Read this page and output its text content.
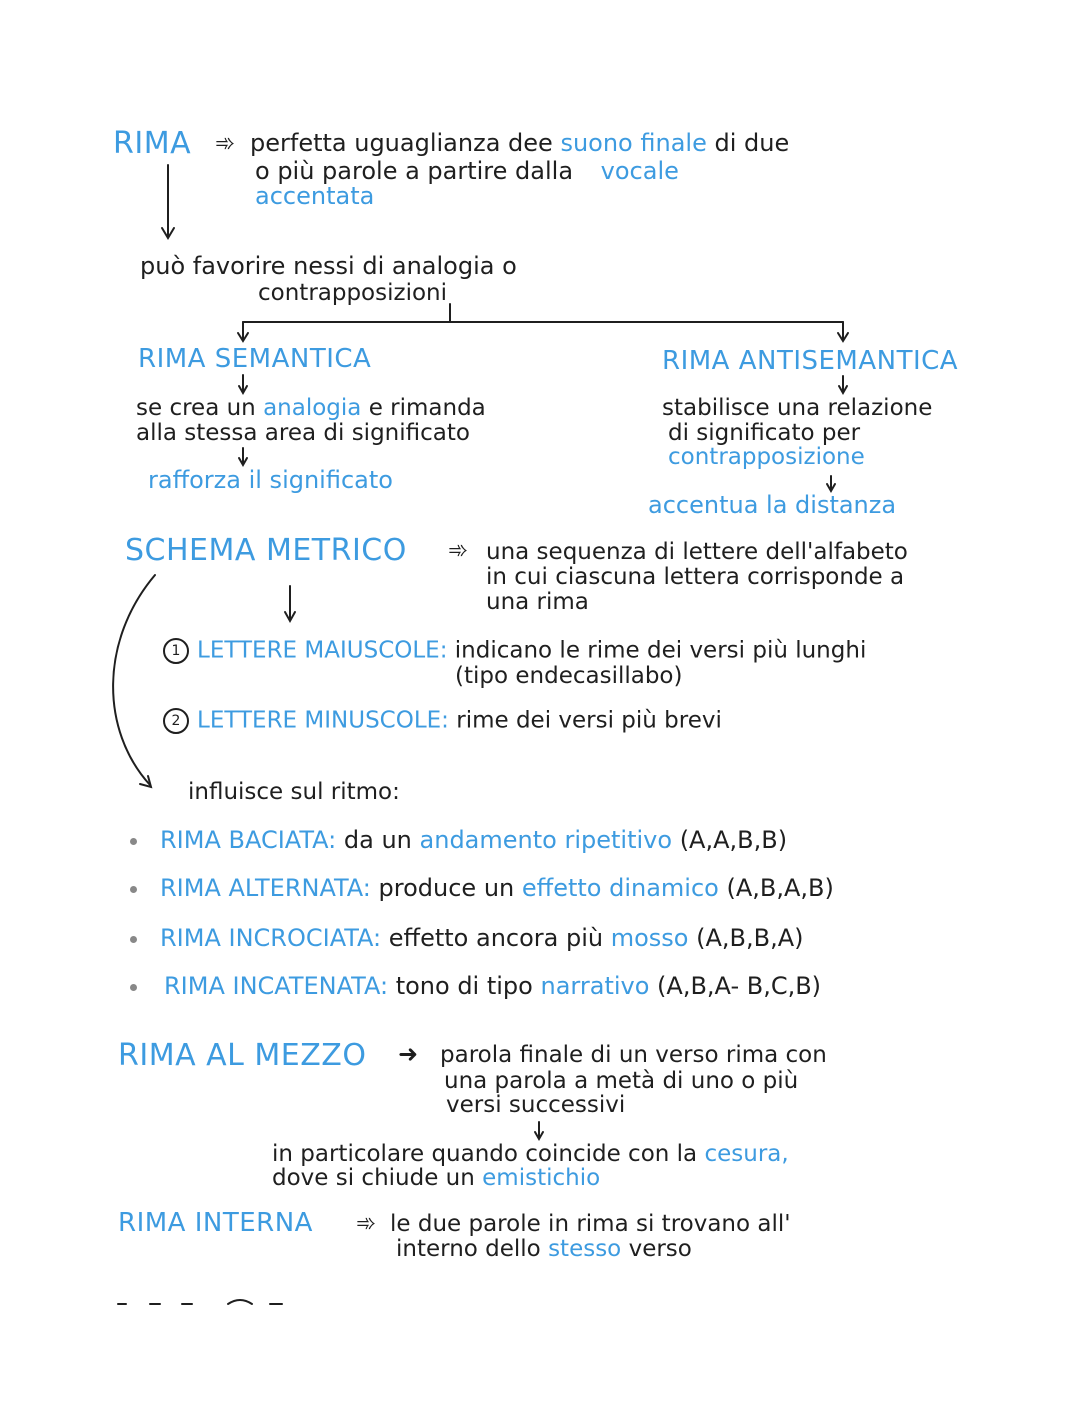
RIMA ➾ perfetta uguaglianza dee suono finale di due
o più parole a partire dalla vocale
accentata
può favorire nessi di analogia o
contrapposizioni
RIMA SEMANTICA
se crea un analogia e rimanda
alla stessa area di significato
rafforza il significato
RIMA ANTISEMANTICA
stabilisce una relazione
di significato per
contrapposizione
accentua la distanza
SCHEMA METRICO ➾ una sequenza di lettere dell'alfabeto
in cui ciascuna lettera corrisponde a
una rima
1 LETTERE MAIUSCOLE: indicano le rime dei versi più lunghi
(tipo endecasillabo)
2 LETTERE MINUSCOLE: rime dei versi più brevi
influisce sul ritmo:
RIMA BACIATA: da un andamento ripetitivo (A,A,B,B)
RIMA ALTERNATA: produce un effetto dinamico (A,B,A,B)
RIMA INCROCIATA: effetto ancora più mosso (A,B,B,A)
RIMA INCATENATA: tono di tipo narrativo (A,B,A- B,C,B)
RIMA AL MEZZO ➜ parola finale di un verso rima con
una parola a metà di uno o più
versi successivi
in particolare quando coincide con la cesura,
dove si chiude un emistichio
RIMA INTERNA ➾ le due parole in rima si trovano all'
interno dello stesso verso
